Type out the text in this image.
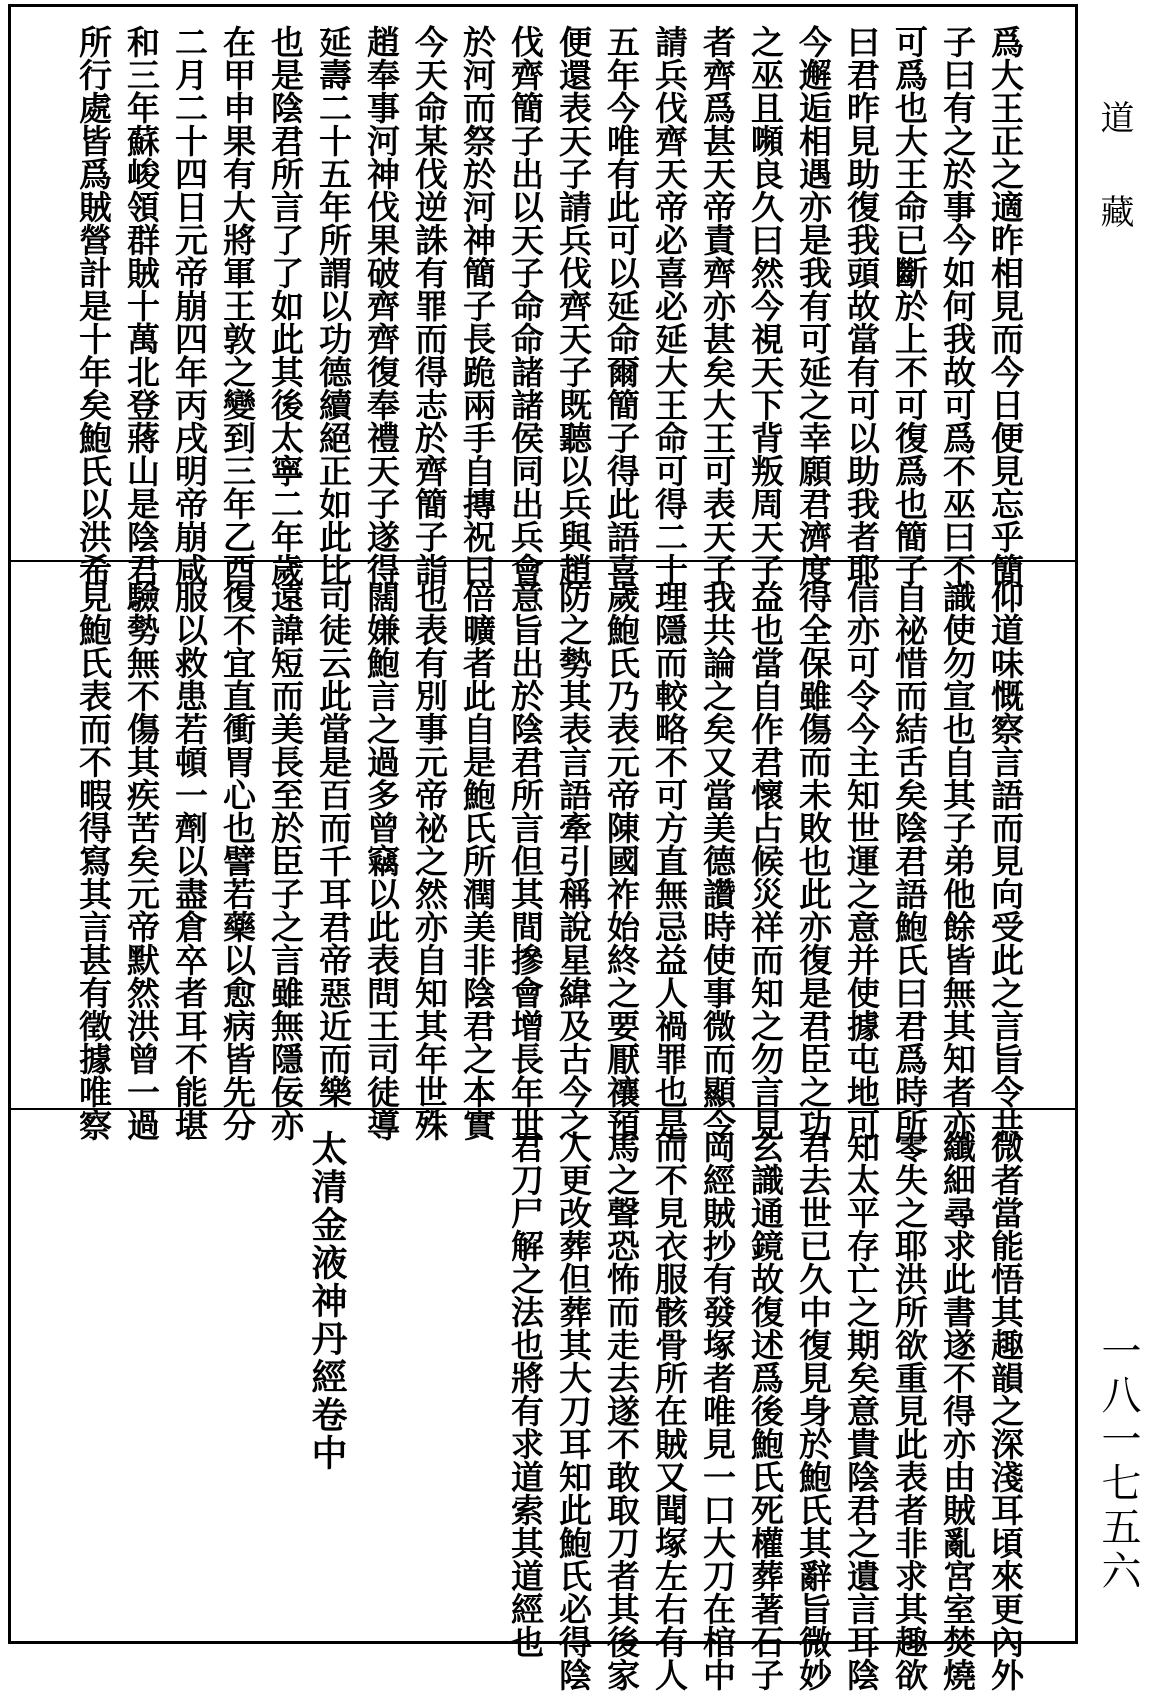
爲大王正之適昨相見而今日便見忘乎簡
子曰有之於事今如何我故可爲不巫曰不
可爲也大王命已斷於上不可復爲也簡子
曰君昨見助復我頭故當有可以助我者耶
今邂逅相遇亦是我有可延之幸願君濟度
之巫且嚬良久曰然今視天下背叛周天子
者齊爲甚天帝責齊亦甚矣大王可表天子
請兵伐齊天帝必喜必延大王命可得二十
五年今唯有此可以延命爾簡子得此語喜
便還表天子請兵伐齊天子既聽以兵與趙
伐齊簡子出以天子命命諸諸侯同出兵會
於河而祭於河神簡子長跪兩手自摶祝曰
今天命某伐逆誅有罪而得志於齊簡子詣
趙奉事河神伐果破齊齊復奉禮天子遂得
延壽二十五年所謂以功德續絕正如此比
也是陰君所言了了如此其後太寧二年歲
在甲申果有大將軍王敦之變到三年乙酉
二月二十四日元帝崩四年丙戌明帝崩咸
和三年蘇峻領群賊十萬北登蔣山是陰君
所行處皆爲賊營計是十年矣鮑氏以洪希
仰道味慨察言語而見向受此之言旨令共
識使勿宣也自其子弟他餘皆無其知者亦
自祕惜而結舌矣陰君語鮑氏曰君爲時所
信亦可令今主知世運之意并使據屯地可
得全保雖傷而未敗也此亦復是君臣之功
益也當自作君懷占候災祥而知之勿言見
我共論之矣又當美德讚時使事微而顯令
理隱而較略不可方直無忌益人禍罪也是
歲鮑氏乃表元帝陳國祚始終之要厭禳預
防之勢其表言語牽引稱說星緯及古今之
意旨出於陰君所言但其間摻會增長年世
倍曠者此自是鮑氏所潤美非陰君之本實
也表有別事元帝祕之然亦自知其年世殊
闊嫌鮑言之過多曾竊以此表問王司徒導
司徒云此當是百而千耳君帝惡近而樂
遠諱短而美長至於臣子之言雖無隱佞亦
復不宜直衝胃心也譬若藥以愈病皆先分
服以救患若頓一劑以盡倉卒者耳不能堪
驗勢無不傷其疾苦矣元帝默然洪曾一過
見鮑氏表而不暇得寫其言甚有徵據唯察
微者當能悟其趣韻之深淺耳頃來更內外
纖細尋求此書遂不得亦由賊亂宮室焚燒
零失之耶洪所欲重見此表者非求其趣欲
知太平存亡之期矣意貴陰君之遺言耳陰
君去世已久中復見身於鮑氏其辭旨微妙
玄識通鏡故復述爲後鮑氏死權葬著石子
岡經賊抄有發塚者唯見一口大刀在棺中
而不見衣服骸骨所在賊又聞塚左右有人
馬之聲恐怖而走去遂不敢取刀者其後家
人更改葬但葬其大刀耳知此鮑氏必得陰
君刀尸解之法也將有求道索其道經也
太清金液神丹經卷中
道藏
一八一七五六
